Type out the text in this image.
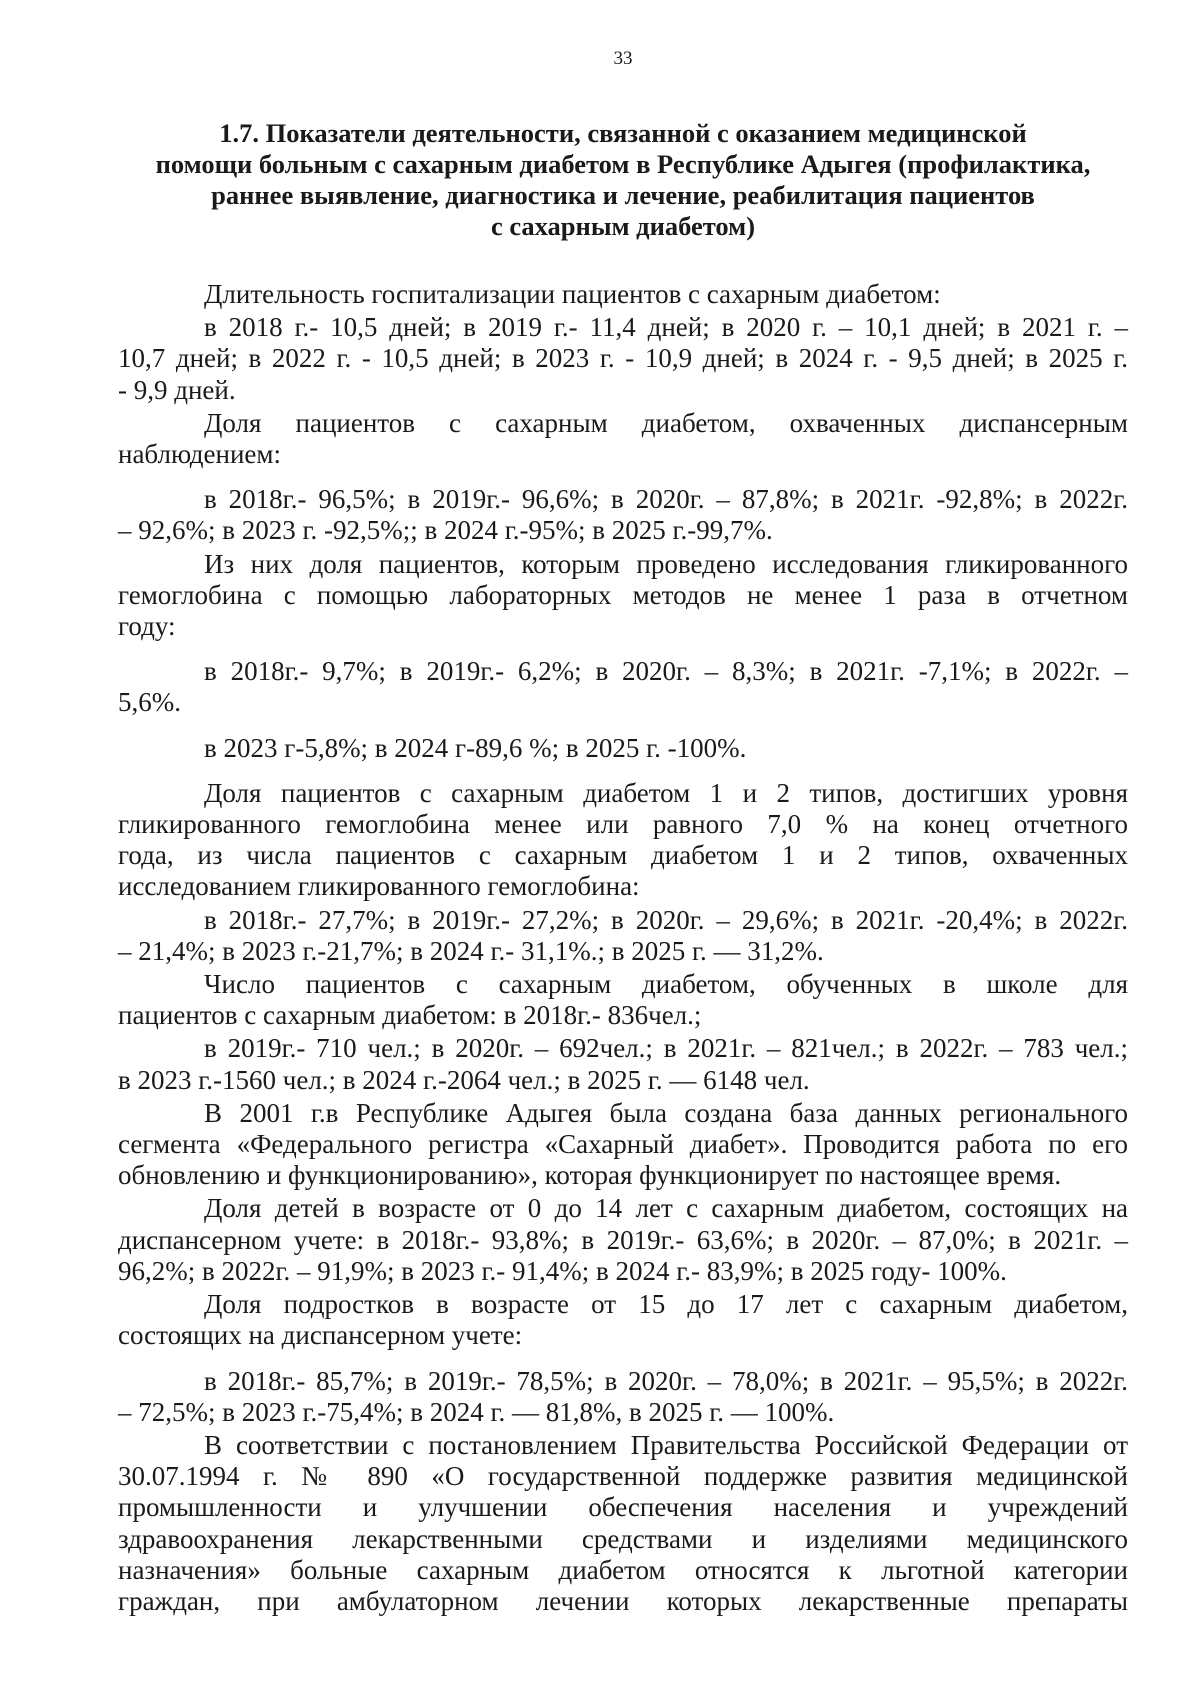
33
1.7. Показатели деятельности, связанной с оказанием медицинской
помощи больным с сахарным диабетом в Республике Адыгея (профилактика,
раннее выявление, диагностика и лечение, реабилитация пациентов
с сахарным диабетом)
Длительность госпитализации пациентов с сахарным диабетом:
в 2018 г.- 10,5 дней; в 2019 г.- 11,4 дней; в 2020 г. – 10,1 дней; в 2021 г. –
10,7 дней; в 2022 г. - 10,5 дней; в 2023 г. - 10,9 дней; в 2024 г. - 9,5 дней; в 2025 г.
- 9,9 дней.
Доля пациентов с сахарным диабетом, охваченных диспансерным
наблюдением:
в 2018г.- 96,5%; в 2019г.- 96,6%; в 2020г. – 87,8%; в 2021г. -92,8%; в 2022г.
– 92,6%; в 2023 г. -92,5%;; в 2024 г.-95%; в 2025 г.-99,7%.
Из них доля пациентов, которым проведено исследования гликированного
гемоглобина с помощью лабораторных методов не менее 1 раза в отчетном
году:
в 2018г.- 9,7%; в 2019г.- 6,2%; в 2020г. – 8,3%; в 2021г. -7,1%; в 2022г. –
5,6%.
в 2023 г-5,8%; в 2024 г-89,6 %; в 2025 г. -100%.
Доля пациентов с сахарным диабетом 1 и 2 типов, достигших уровня
гликированного гемоглобина менее или равного 7,0 % на конец отчетного
года, из числа пациентов с сахарным диабетом 1 и 2 типов, охваченных
исследованием гликированного гемоглобина:
в 2018г.- 27,7%; в 2019г.- 27,2%; в 2020г. – 29,6%; в 2021г. -20,4%; в 2022г.
– 21,4%; в 2023 г.-21,7%; в 2024 г.- 31,1%.; в 2025 г. — 31,2%.
Число пациентов с сахарным диабетом, обученных в школе для
пациентов с сахарным диабетом: в 2018г.- 836чел.;
в 2019г.- 710 чел.; в 2020г. – 692чел.; в 2021г. – 821чел.; в 2022г. – 783 чел.;
в 2023 г.-1560 чел.; в 2024 г.-2064 чел.; в 2025 г. — 6148 чел.
В 2001 г.в Республике Адыгея была создана база данных регионального
сегмента «Федерального регистра «Сахарный диабет». Проводится работа по его
обновлению и функционированию», которая функционирует по настоящее время.
Доля детей в возрасте от 0 до 14 лет с сахарным диабетом, состоящих на
диспансерном учете: в 2018г.- 93,8%; в 2019г.- 63,6%; в 2020г. – 87,0%; в 2021г. –
96,2%; в 2022г. – 91,9%; в 2023 г.- 91,4%; в 2024 г.- 83,9%; в 2025 году- 100%.
Доля подростков в возрасте от 15 до 17 лет с сахарным диабетом,
состоящих на диспансерном учете:
в 2018г.- 85,7%; в 2019г.- 78,5%; в 2020г. – 78,0%; в 2021г. – 95,5%; в 2022г.
– 72,5%; в 2023 г.-75,4%; в 2024 г. — 81,8%, в 2025 г. — 100%.
В соответствии с постановлением Правительства Российской Федерации от
30.07.1994 г. № 890 «О государственной поддержке развития медицинской
промышленности и улучшении обеспечения населения и учреждений
здравоохранения лекарственными средствами и изделиями медицинского
назначения» больные сахарным диабетом относятся к льготной категории
граждан, при амбулаторном лечении которых лекарственные препараты
